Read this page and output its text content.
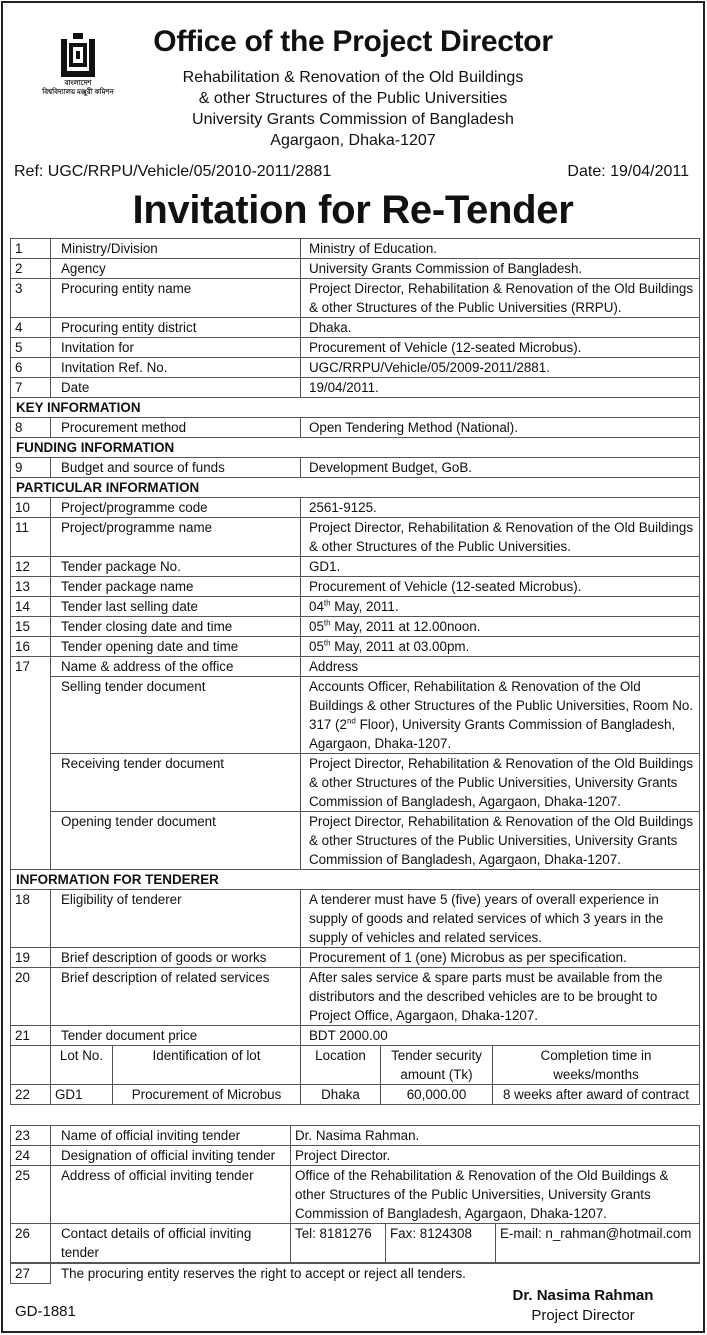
বাংলাদেশ
বিশ্ববিদ্যালয় মঞ্জুরী কমিশন
Office of the Project Director
Rehabilitation & Renovation of the Old Buildings
& other Structures of the Public Universities
University Grants Commission of Bangladesh
Agargaon, Dhaka-1207
Ref: UGC/RRPU/Vehicle/05/2010-2011/2881	Date: 19/04/2011
Invitation for Re-Tender
1	Ministry/Division	Ministry of Education.
2	Agency	University Grants Commission of Bangladesh.
3	Procuring entity name	Project Director, Rehabilitation & Renovation of the Old Buildings & other Structures of the Public Universities (RRPU).
4	Procuring entity district	Dhaka.
5	Invitation for	Procurement of Vehicle (12-seated Microbus).
6	Invitation Ref. No.	UGC/RRPU/Vehicle/05/2009-2011/2881.
7	Date	19/04/2011.
KEY INFORMATION		
8	Procurement method	Open Tendering Method (National).
FUNDING INFORMATION		
9	Budget and source of funds	Development Budget, GoB.
PARTICULAR INFORMATION		
10	Project/programme code	2561-9125.
11	Project/programme name	Project Director, Rehabilitation & Renovation of the Old Buildings & other Structures of the Public Universities.
12	Tender package No.	GD1.
13	Tender package name	Procurement of Vehicle (12-seated Microbus).
14	Tender last selling date	04th May, 2011.
15	Tender closing date and time	05th May, 2011 at 12.00noon.
16	Tender opening date and time	05th May, 2011 at 03.00pm.
17	Name & address of the office	Address
	Selling tender document	Accounts Officer, Rehabilitation & Renovation of the Old Buildings & other Structures of the Public Universities, Room No. 317 (2nd Floor), University Grants Commission of Bangladesh, Agargaon, Dhaka-1207.
	Receiving tender document	Project Director, Rehabilitation & Renovation of the Old Buildings & other Structures of the Public Universities, University Grants Commission of Bangladesh, Agargaon, Dhaka-1207.
	Opening tender document	Project Director, Rehabilitation & Renovation of the Old Buildings & other Structures of the Public Universities, University Grants Commission of Bangladesh, Agargaon, Dhaka-1207.
INFORMATION FOR TENDERER		
18	Eligibility of tenderer	A tenderer must have 5 (five) years of overall experience in supply of goods and related services of which 3 years in the supply of vehicles and related services.
19	Brief description of goods or works	Procurement of 1 (one) Microbus as per specification.
20	Brief description of related services	After sales service & spare parts must be available from the distributors and the described vehicles are to be brought to Project Office, Agargaon, Dhaka-1207.
21	Tender document price	BDT 2000.00
	Lot No.	Identification of lot	Location	Tender security amount (Tk)	Completion time in weeks/months
22	GD1	Procurement of Microbus	Dhaka	60,000.00	8 weeks after award of contract
23	Name of official inviting tender	Dr. Nasima Rahman.		
24	Designation of official inviting tender	Project Director.		
25	Address of official inviting tender	Office of the Rehabilitation & Renovation of the Old Buildings & other Structures of the Public Universities, University Grants Commission of Bangladesh, Agargaon, Dhaka-1207.		
26	Contact details of official inviting tender	Tel: 8181276	Fax: 8124308	E-mail: n_rahman@hotmail.com
27	The procuring entity reserves the right to accept or reject all tenders.
Dr. Nasima Rahman
Project Director
GD-1881
